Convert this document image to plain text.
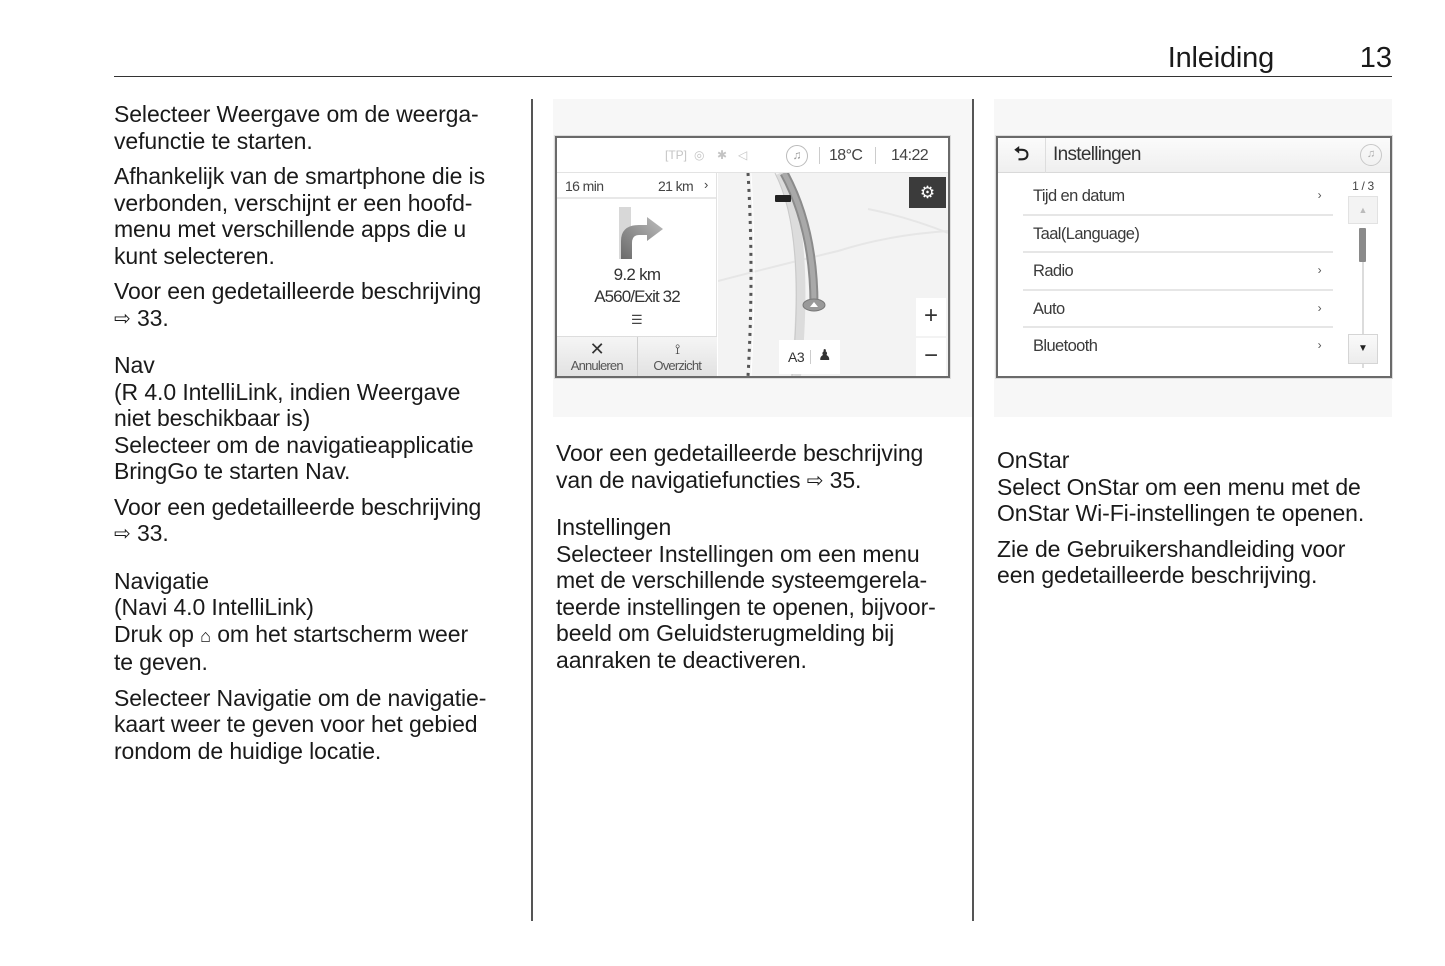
Inleiding	13

Selecteer Weergave om de weerga-
vefunctie te starten.

Afhankelijk van de smartphone die is
verbonden, verschijnt er een hoofd-
menu met verschillende apps die u
kunt selecteren.

Voor een gedetailleerde beschrijving
⇨ 33.

Nav
(R 4.0 IntelliLink, indien Weergave
niet beschikbaar is)

Selecteer om de navigatieapplicatie
BringGo te starten Nav.

Voor een gedetailleerde beschrijving
⇨ 33.

Navigatie
(Navi 4.0 IntelliLink)

Druk op ⌂ om het startscherm weer
te geven.

Selecteer Navigatie om de navigatie-
kaart weer te geven voor het gebied
rondom de huidige locatie.

[TP] ◎ ✱ ◁	♫	18°C 14:22
16 min	21 km ›
9.2 km
A560/Exit 32
☰
✕
Annuleren
⟟
Overzicht
⚙
+
−
A3 ♟

Voor een gedetailleerde beschrijving
van de navigatiefuncties ⇨ 35.

Instellingen
Selecteer Instellingen om een menu
met de verschillende systeemgerela-
teerde instellingen te openen, bijvoor-
beeld om Geluidsterugmelding bij
aanraken te deactiveren.

⮌	Instellingen	♫
Tijd en datum	›
Taal(Language)
Radio	›
Auto	›
Bluetooth	›
1 / 3
▲
▼

OnStar
Select OnStar om een menu met de
OnStar Wi-Fi-instellingen te openen.

Zie de Gebruikershandleiding voor
een gedetailleerde beschrijving.
